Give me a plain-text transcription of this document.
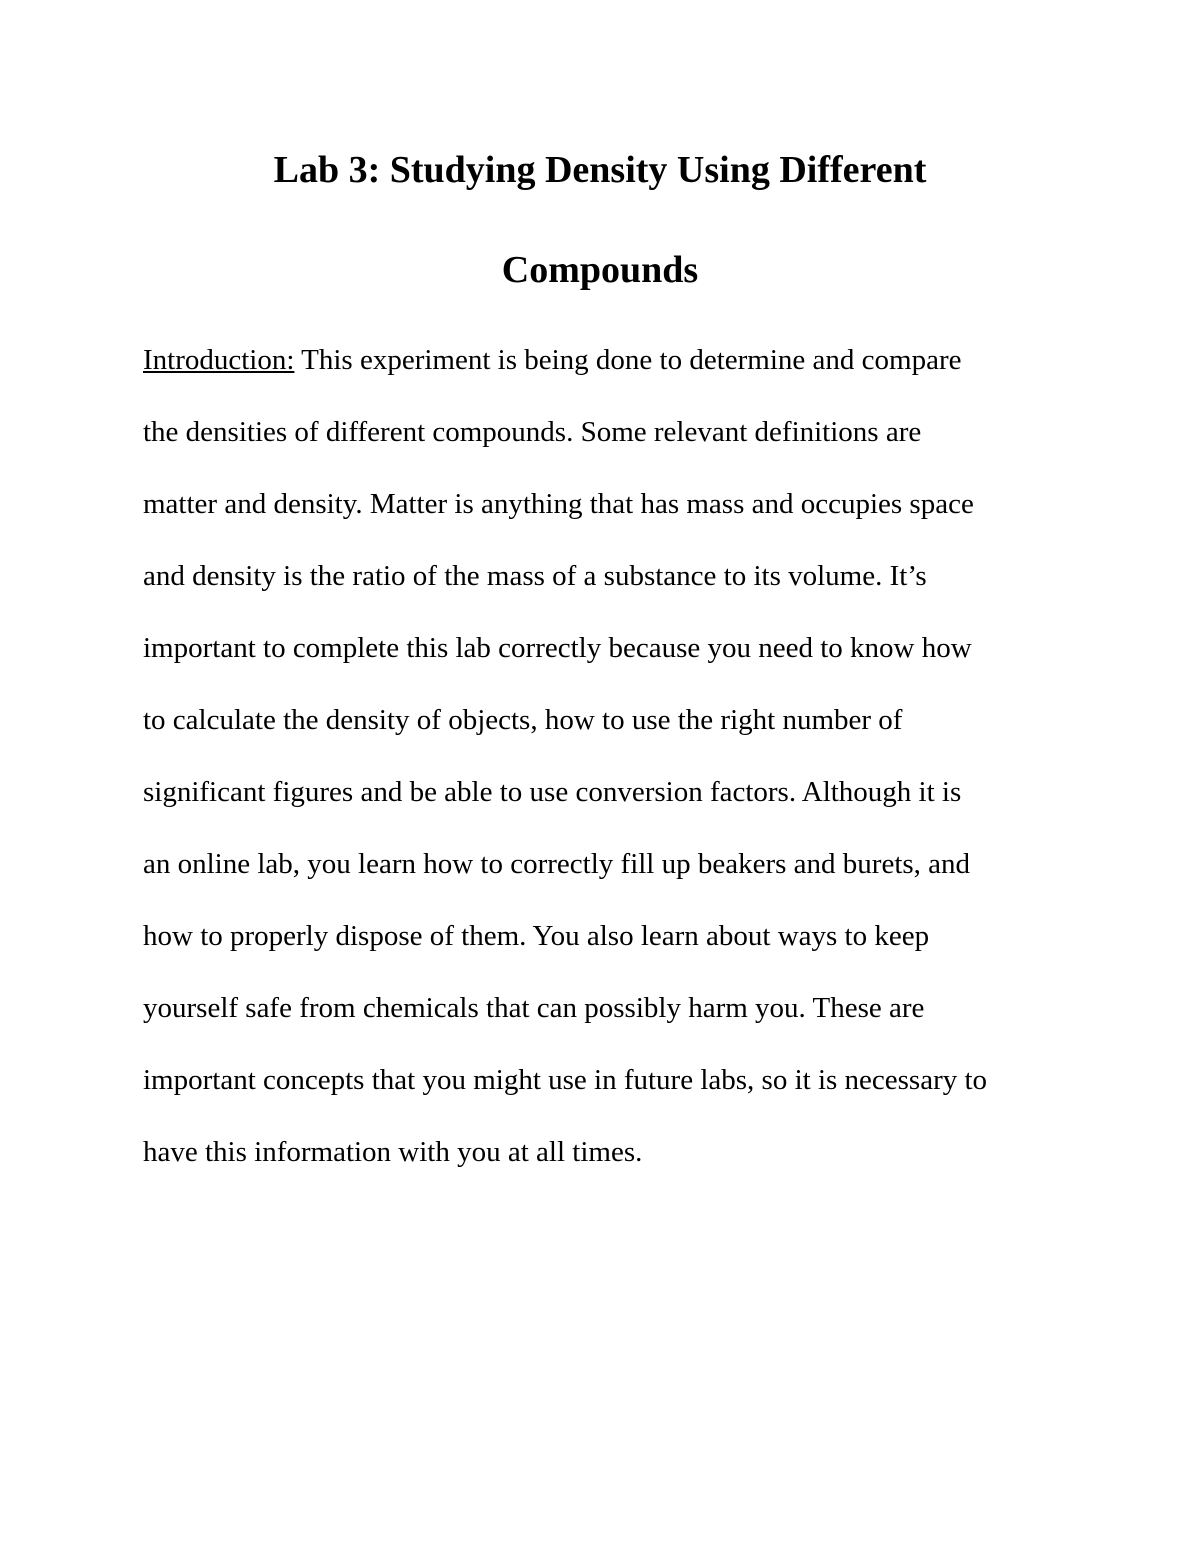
Lab 3: Studying Density Using Different
Compounds

Introduction: This experiment is being done to determine and compare

the densities of different compounds. Some relevant definitions are

matter and density. Matter is anything that has mass and occupies space

and density is the ratio of the mass of a substance to its volume. It’s

important to complete this lab correctly because you need to know how

to calculate the density of objects, how to use the right number of

significant figures and be able to use conversion factors. Although it is

an online lab, you learn how to correctly fill up beakers and burets, and

how to properly dispose of them. You also learn about ways to keep

yourself safe from chemicals that can possibly harm you. These are

important concepts that you might use in future labs, so it is necessary to

have this information with you at all times.
